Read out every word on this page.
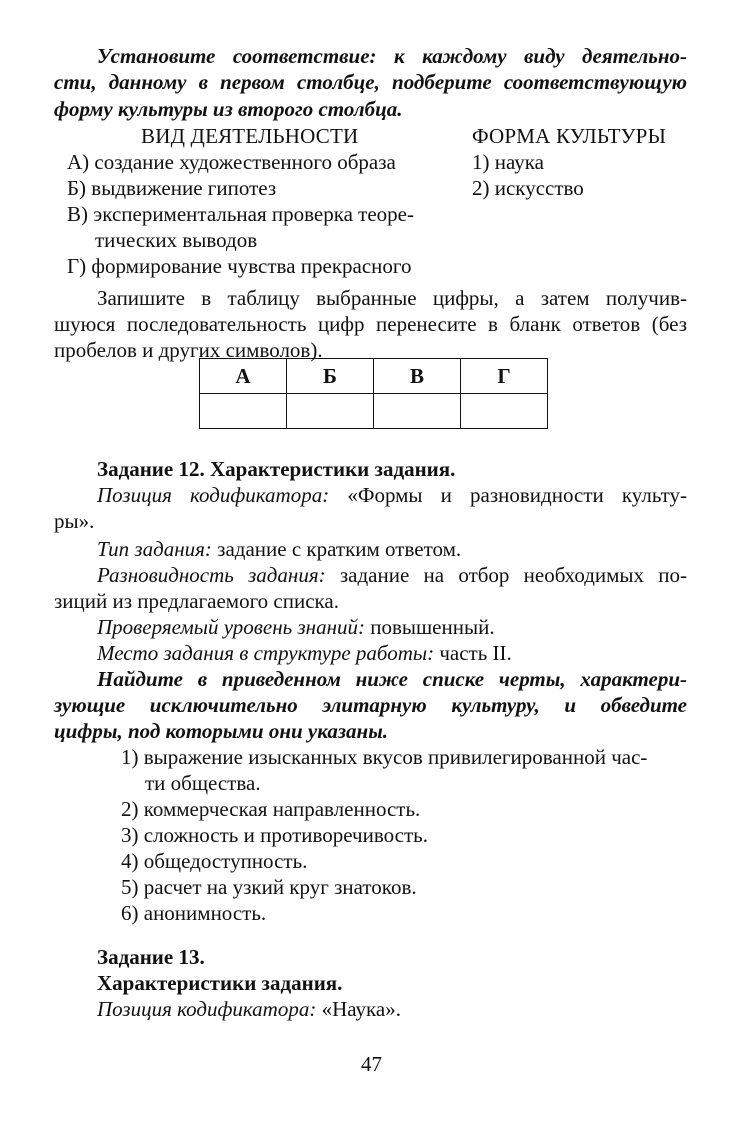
Установите соответствие: к каждому виду деятельно-
сти, данному в первом столбце, подберите соответствующую
форму культуры из второго столбца.
ВИД ДЕЯТЕЛЬНОСТИ	ФОРМА КУЛЬТУРЫ
А) создание художественного образа
Б) выдвижение гипотез
В) экспериментальная проверка теоре-
тических выводов
Г) формирование чувства прекрасного
1) наука
2) искусство
Запишите в таблицу выбранные цифры, а затем получив-
шуюся последовательность цифр перенесите в бланк ответов (без
пробелов и других символов).
А	Б	В	Г

Задание 12. Характеристики задания.
Позиция кодификатора: «Формы и разновидности культу-
ры».
Тип задания: задание с кратким ответом.
Разновидность задания: задание на отбор необходимых по-
зиций из предлагаемого списка.
Проверяемый уровень знаний: повышенный.
Место задания в структуре работы: часть II.
Найдите в приведенном ниже списке черты, характери-
зующие исключительно элитарную культуру, и обведите
цифры, под которыми они указаны.
1) выражение изысканных вкусов привилегированной час-
ти общества.
2) коммерческая направленность.
3) сложность и противоречивость.
4) общедоступность.
5) расчет на узкий круг знатоков.
6) анонимность.
Задание 13.
Характеристики задания.
Позиция кодификатора: «Наука».
47
